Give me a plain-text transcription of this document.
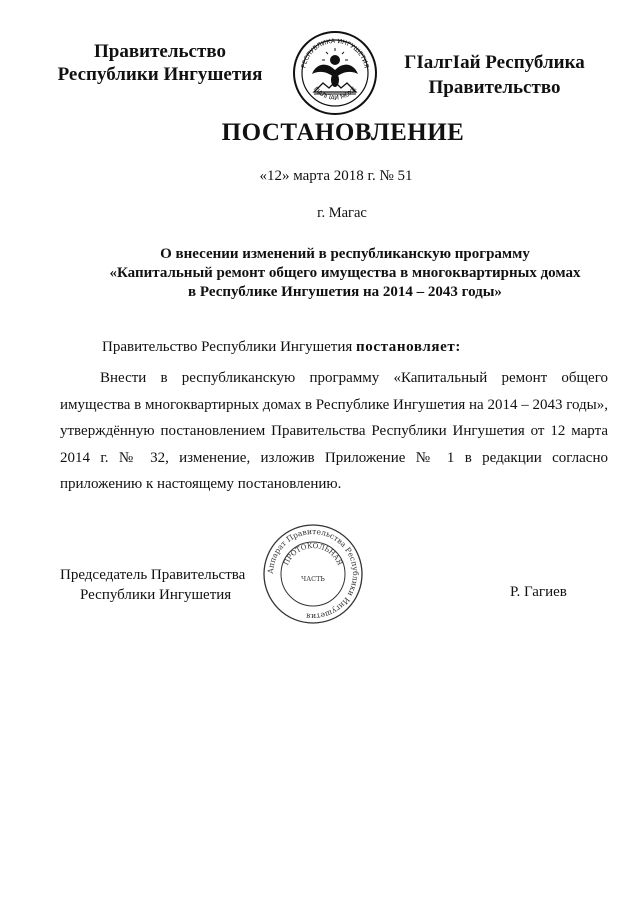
Правительство
Республики Ингушетия	РЕСПУБЛИКА ИНГУШЕТИЯ
ГІАЛГІАЙ МОХК
ГІалгІай Республика
Правительство
ПОСТАНОВЛЕНИЕ
«12» марта 2018 г. № 51
г. Магас
О внесении изменений в республиканскую программу
«Капитальный ремонт общего имущества в многоквартирных домах
в Республике Ингушетия на 2014 – 2043 годы»
Правительство Республики Ингушетия постановляет:
Внести в республиканскую программу «Капитальный ремонт общего имущества в многоквартирных домах в Республике Ингушетия на 2014 – 2043 годы», утверждённую постановлением Правительства Республики Ингушетия от 12 марта 2014 г. № 32, изменение, изложив Приложение № 1 в редакции согласно приложению к настоящему постановлению.
Председатель Правительства
Республики Ингушетия	Р. Гагиев
Аппарат Правительства Республики Ингушетия
ПРОТОКОЛЬНАЯ
ЧАСТЬ
